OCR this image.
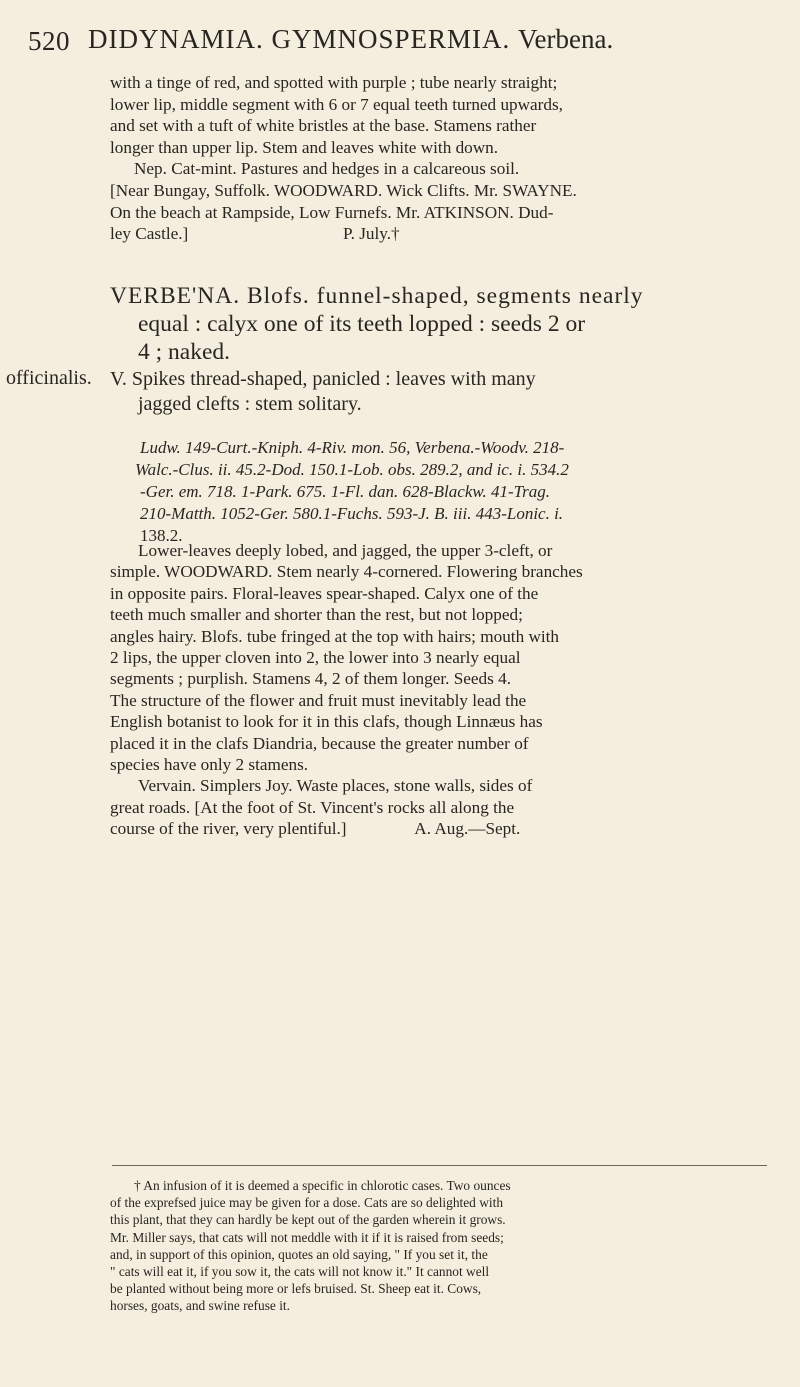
520 DIDYNAMIA. GYMNOSPERMIA. Verbena.

with a tinge of red, and spotted with purple ; tube nearly straight;

lower lip, middle segment with 6 or 7 equal teeth turned upwards,

and set with a tuft of white bristles at the base. Stamens rather

longer than upper lip. Stem and leaves white with down.

Nep. Cat-mint. Pastures and hedges in a calcareous soil.

[Near Bungay, Suffolk. WOODWARD. Wick Clifts. Mr. SWAYNE.

On the beach at Rampside, Low Furnefs. Mr. ATKINSON. Dud-

ley Castle.]                                    P. July.†

VERBE'NA. Blofs. funnel-shaped, segments nearly

equal : calyx one of its teeth lopped : seeds 2 or

4 ; naked.

officinalis. V. Spikes thread-shaped, panicled : leaves with many

jagged clefts : stem solitary.

Ludw. 149-Curt.-Kniph. 4-Riv. mon. 56, Verbena.-Woodv. 218-

Walc.-Clus. ii. 45.2-Dod. 150.1-Lob. obs. 289.2, and ic. i. 534.2

-Ger. em. 718. 1-Park. 675. 1-Fl. dan. 628-Blackw. 41-Trag.

210-Matth. 1052-Ger. 580.1-Fuchs. 593-J. B. iii. 443-Lonic. i.

138.2.

Lower-leaves deeply lobed, and jagged, the upper 3-cleft, or

simple. WOODWARD. Stem nearly 4-cornered. Flowering branches

in opposite pairs. Floral-leaves spear-shaped. Calyx one of the

teeth much smaller and shorter than the rest, but not lopped;

angles hairy. Blofs. tube fringed at the top with hairs; mouth with

2 lips, the upper cloven into 2, the lower into 3 nearly equal

segments ; purplish. Stamens 4, 2 of them longer. Seeds 4.

The structure of the flower and fruit must inevitably lead the

English botanist to look for it in this clafs, though Linnæus has

placed it in the clafs Diandria, because the greater number of

species have only 2 stamens.

Vervain. Simplers Joy. Waste places, stone walls, sides of

great roads. [At the foot of St. Vincent's rocks all along the

course of the river, very plentiful.]                A. Aug.—Sept.

† An infusion of it is deemed a specific in chlorotic cases. Two ounces

of the exprefsed juice may be given for a dose. Cats are so delighted with

this plant, that they can hardly be kept out of the garden wherein it grows.

Mr. Miller says, that cats will not meddle with it if it is raised from seeds;

and, in support of this opinion, quotes an old saying, " If you set it, the

" cats will eat it, if you sow it, the cats will not know it." It cannot well

be planted without being more or lefs bruised. St. Sheep eat it. Cows,

horses, goats, and swine refuse it.
